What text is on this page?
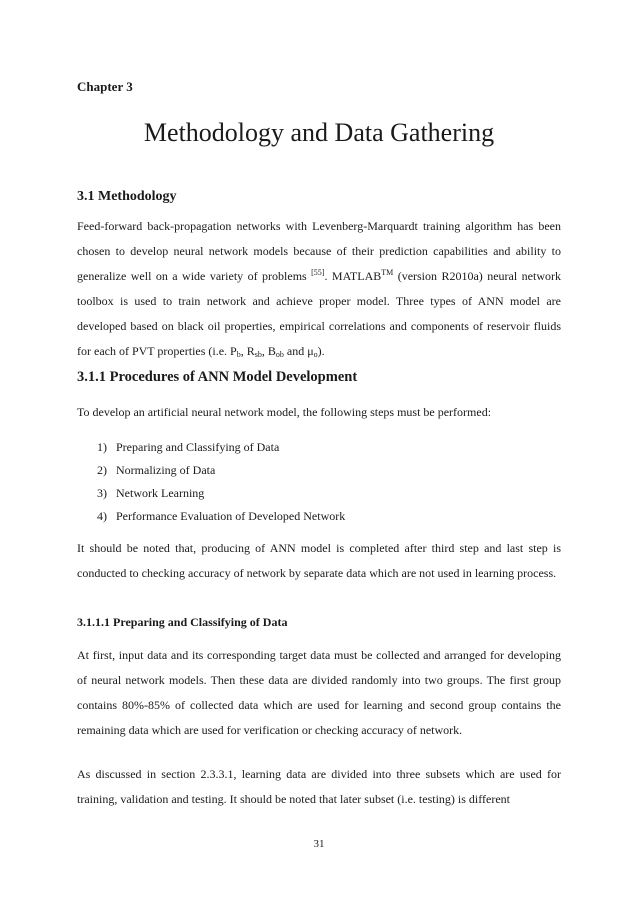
Chapter 3

Methodology and Data Gathering
3.1 Methodology

Feed-forward back-propagation networks with Levenberg-Marquardt training algorithm has been chosen to develop neural network models because of their prediction capabilities and ability to generalize well on a wide variety of problems [55]. MATLAB™ (version R2010a) neural network toolbox is used to train network and achieve proper model. Three types of ANN model are developed based on black oil properties, empirical correlations and components of reservoir fluids for each of PVT properties (i.e. $P_b$, $R_{sb}$, $B_{ob}$ and $\mu_o$).

3.1.1 Procedures of ANN Model Development

To develop an artificial neural network model, the following steps must be performed:

1) Preparing and Classifying of Data
2) Normalizing of Data
3) Network Learning
4) Performance Evaluation of Developed Network

It should be noted that, producing of ANN model is completed after third step and last step is conducted to checking accuracy of network by separate data which are not used in learning process.

3.1.1.1 Preparing and Classifying of Data

At first, input data and its corresponding target data must be collected and arranged for developing of neural network models. Then these data are divided randomly into two groups. The first group contains 80%-85% of collected data which are used for learning and second group contains the remaining data which are used for verification or checking accuracy of network.

As discussed in section 2.3.3.1, learning data are divided into three subsets which are used for training, validation and testing. It should be noted that later subset (i.e. testing) is different

31
